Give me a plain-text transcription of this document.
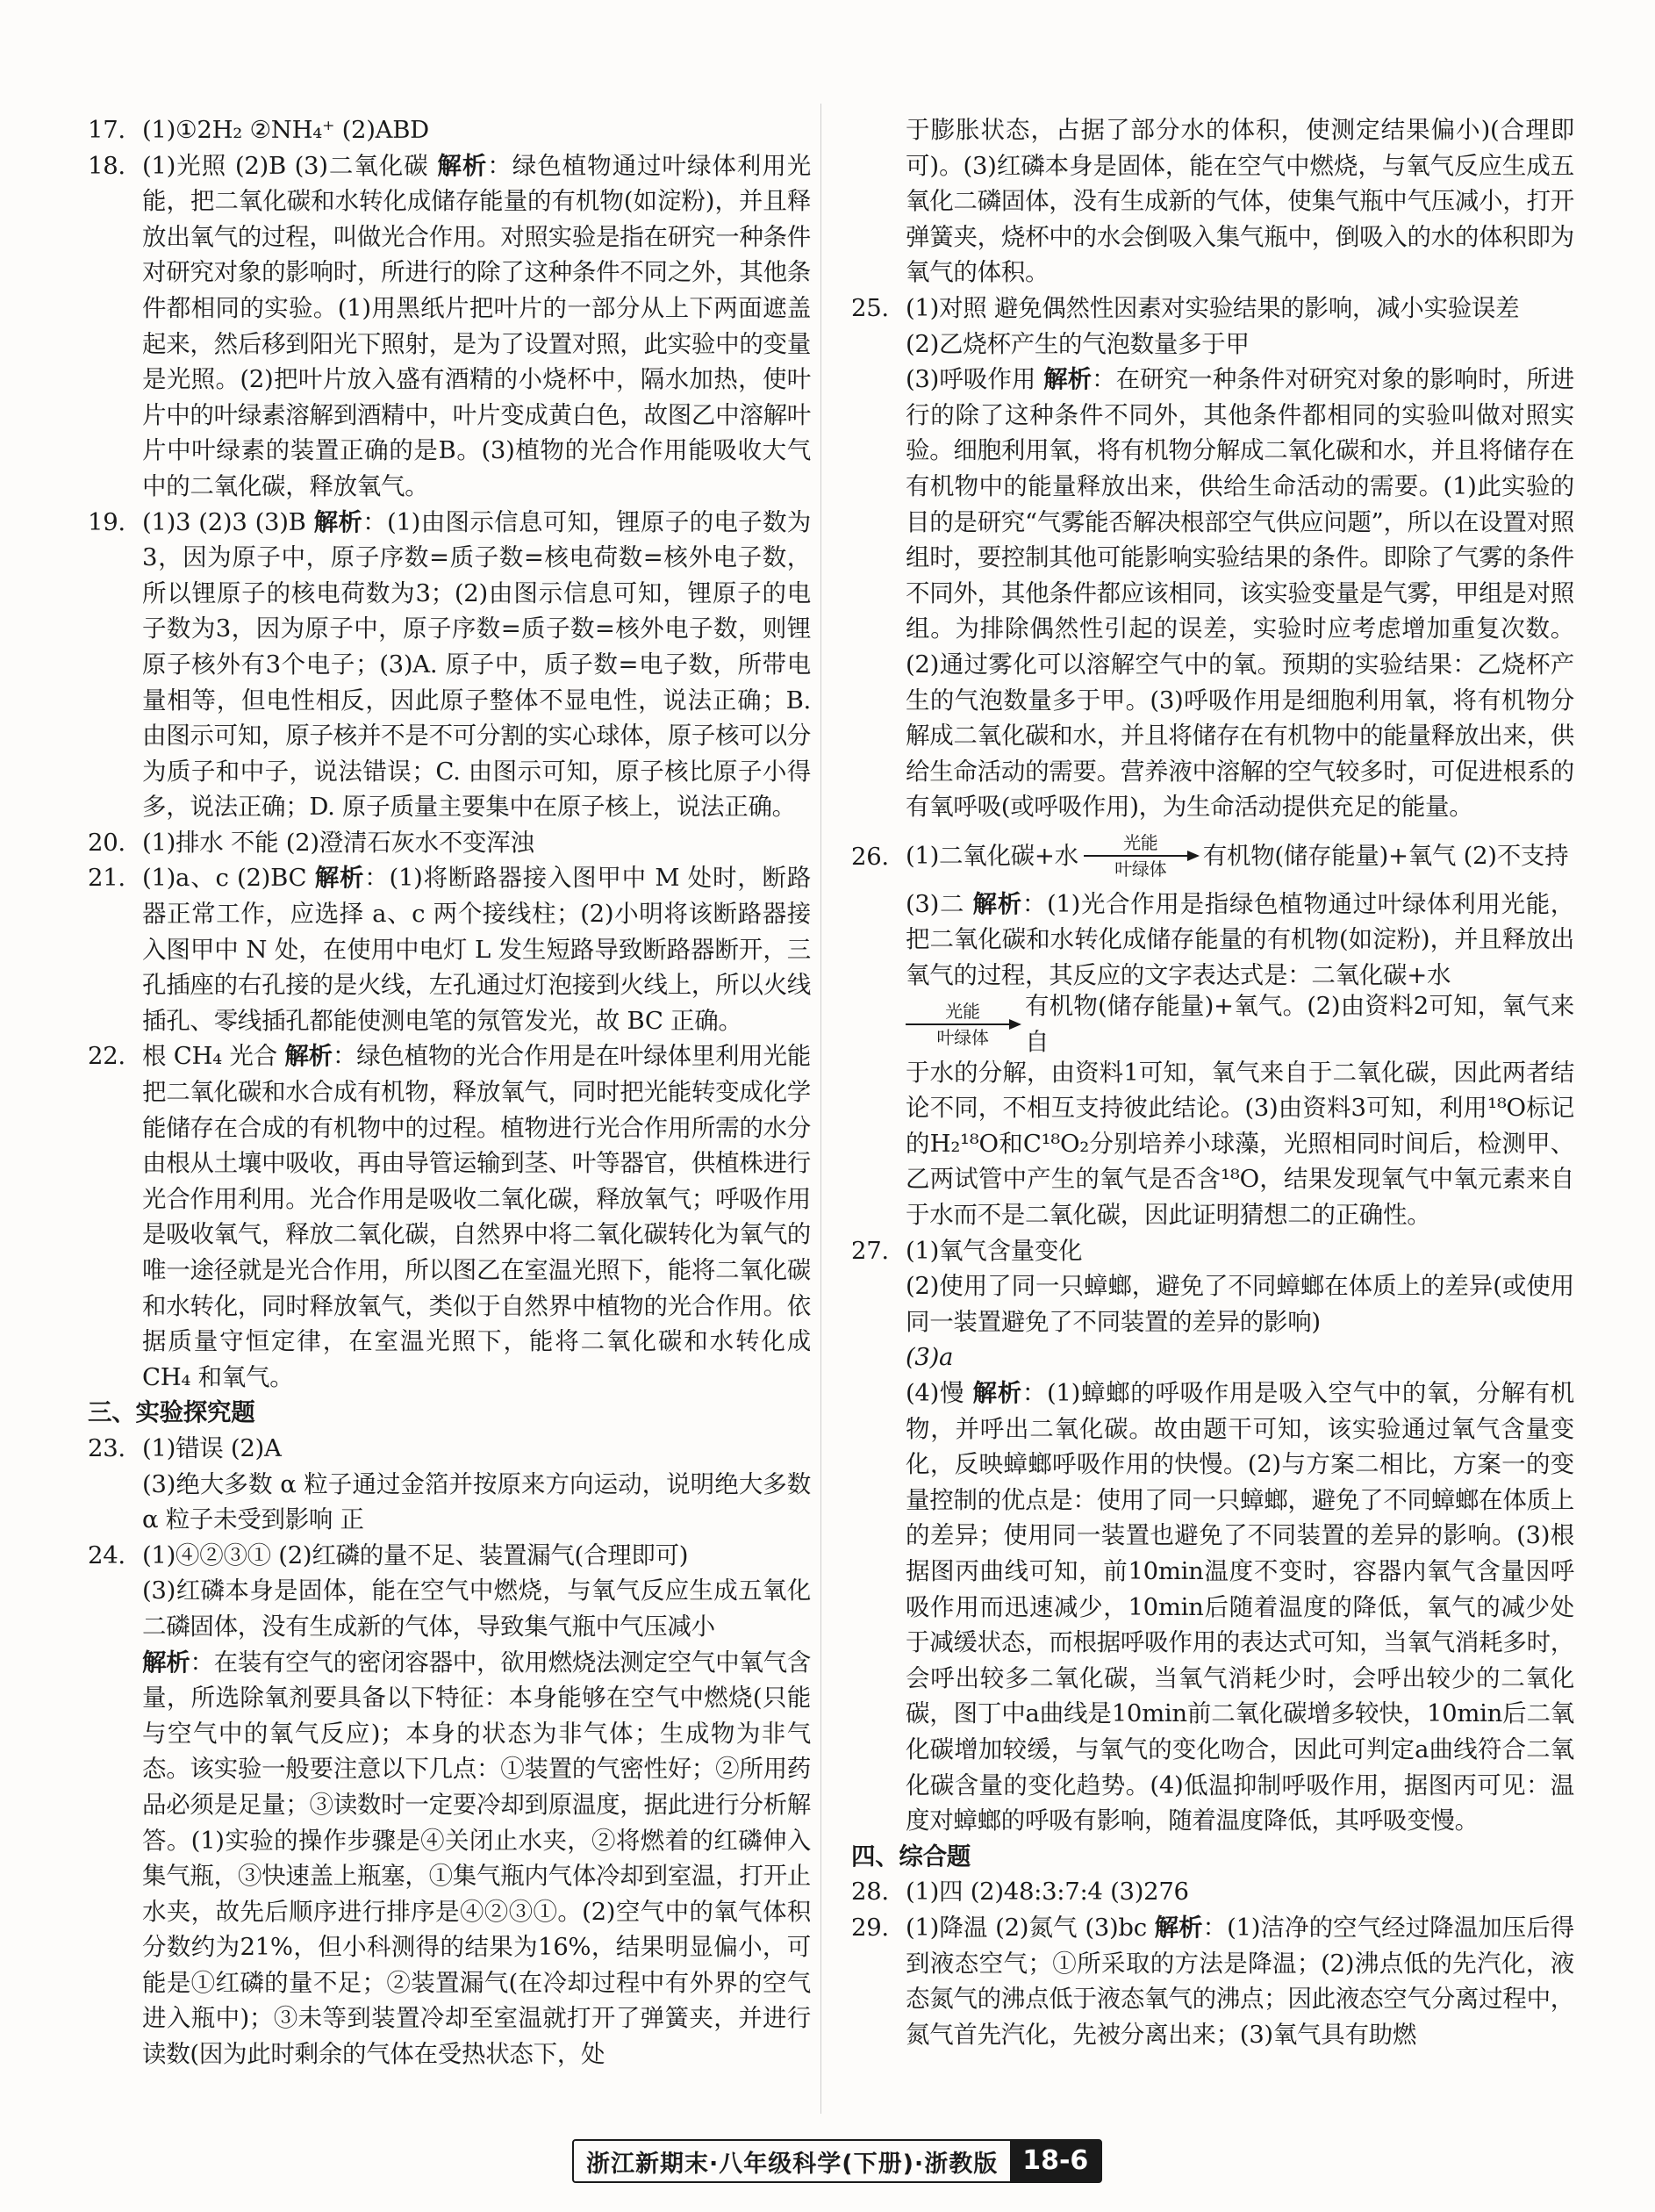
17. (1)①2H₂ ②NH₄⁺ (2)ABD

18. (1)光照 (2)B (3)二氧化碳 解析：绿色植物通过叶绿体利用光能，把二氧化碳和水转化成储存能量的有机物(如淀粉)，并且释放出氧气的过程，叫做光合作用。对照实验是指在研究一种条件对研究对象的影响时，所进行的除了这种条件不同之外，其他条件都相同的实验。(1)用黑纸片把叶片的一部分从上下两面遮盖起来，然后移到阳光下照射，是为了设置对照，此实验中的变量是光照。(2)把叶片放入盛有酒精的小烧杯中，隔水加热，使叶片中的叶绿素溶解到酒精中，叶片变成黄白色，故图乙中溶解叶片中叶绿素的装置正确的是B。(3)植物的光合作用能吸收大气中的二氧化碳，释放氧气。

19. (1)3 (2)3 (3)B 解析：(1)由图示信息可知，锂原子的电子数为3，因为原子中，原子序数=质子数=核电荷数=核外电子数，所以锂原子的核电荷数为3；(2)由图示信息可知，锂原子的电子数为3，因为原子中，原子序数=质子数=核外电子数，则锂原子核外有3个电子；(3)A. 原子中，质子数=电子数，所带电量相等，但电性相反，因此原子整体不显电性，说法正确；B. 由图示可知，原子核并不是不可分割的实心球体，原子核可以分为质子和中子，说法错误；C. 由图示可知，原子核比原子小得多，说法正确；D. 原子质量主要集中在原子核上，说法正确。

20. (1)排水 不能 (2)澄清石灰水不变浑浊

21. (1)a、c (2)BC 解析：(1)将断路器接入图甲中 M 处时，断路器正常工作，应选择 a、c 两个接线柱；(2)小明将该断路器接入图甲中 N 处，在使用中电灯 L 发生短路导致断路器断开，三孔插座的右孔接的是火线，左孔通过灯泡接到火线上，所以火线插孔、零线插孔都能使测电笔的氖管发光，故 BC 正确。

22. 根 CH₄ 光合 解析：绿色植物的光合作用是在叶绿体里利用光能把二氧化碳和水合成有机物，释放氧气，同时把光能转变成化学能储存在合成的有机物中的过程。植物进行光合作用所需的水分由根从土壤中吸收，再由导管运输到茎、叶等器官，供植株进行光合作用利用。光合作用是吸收二氧化碳，释放氧气；呼吸作用是吸收氧气，释放二氧化碳，自然界中将二氧化碳转化为氧气的唯一途径就是光合作用，所以图乙在室温光照下，能将二氧化碳和水转化，同时释放氧气，类似于自然界中植物的光合作用。依据质量守恒定律，在室温光照下，能将二氧化碳和水转化成 CH₄ 和氧气。

三、实验探究题

23. (1)错误 (2)A

(3)绝大多数 α 粒子通过金箔并按原来方向运动，说明绝大多数 α 粒子未受到影响 正

24. (1)④②③① (2)红磷的量不足、装置漏气(合理即可)

(3)红磷本身是固体，能在空气中燃烧，与氧气反应生成五氧化二磷固体，没有生成新的气体，导致集气瓶中气压减小

解析：在装有空气的密闭容器中，欲用燃烧法测定空气中氧气含量，所选除氧剂要具备以下特征：本身能够在空气中燃烧(只能与空气中的氧气反应)；本身的状态为非气体；生成物为非气态。该实验一般要注意以下几点：①装置的气密性好；②所用药品必须是足量；③读数时一定要冷却到原温度，据此进行分析解答。(1)实验的操作步骤是④关闭止水夹，②将燃着的红磷伸入集气瓶，③快速盖上瓶塞，①集气瓶内气体冷却到室温，打开止水夹，故先后顺序进行排序是④②③①。(2)空气中的氧气体积分数约为21%，但小科测得的结果为16%，结果明显偏小，可能是①红磷的量不足；②装置漏气(在冷却过程中有外界的空气进入瓶中)；③未等到装置冷却至室温就打开了弹簧夹，并进行读数(因为此时剩余的气体在受热状态下，处

于膨胀状态，占据了部分水的体积，使测定结果偏小)(合理即可)。(3)红磷本身是固体，能在空气中燃烧，与氧气反应生成五氧化二磷固体，没有生成新的气体，使集气瓶中气压减小，打开弹簧夹，烧杯中的水会倒吸入集气瓶中，倒吸入的水的体积即为氧气的体积。

25. (1)对照 避免偶然性因素对实验结果的影响，减小实验误差

(2)乙烧杯产生的气泡数量多于甲

(3)呼吸作用 解析：在研究一种条件对研究对象的影响时，所进行的除了这种条件不同外，其他条件都相同的实验叫做对照实验。细胞利用氧，将有机物分解成二氧化碳和水，并且将储存在有机物中的能量释放出来，供给生命活动的需要。(1)此实验的目的是研究“气雾能否解决根部空气供应问题”，所以在设置对照组时，要控制其他可能影响实验结果的条件。即除了气雾的条件不同外，其他条件都应该相同，该实验变量是气雾，甲组是对照组。为排除偶然性引起的误差，实验时应考虑增加重复次数。(2)通过雾化可以溶解空气中的氧。预期的实验结果：乙烧杯产生的气泡数量多于甲。(3)呼吸作用是细胞利用氧，将有机物分解成二氧化碳和水，并且将储存在有机物中的能量释放出来，供给生命活动的需要。营养液中溶解的空气较多时，可促进根系的有氧呼吸(或呼吸作用)，为生命活动提供充足的能量。

26. (1)二氧化碳+水	光能
叶绿体 有机物(储存能量)+氧气 (2)不支持

(3)二 解析：(1)光合作用是指绿色植物通过叶绿体利用光能，把二氧化碳和水转化成储存能量的有机物(如淀粉)，并且释放出氧气的过程，其反应的文字表达式是：二氧化碳+水

光能
叶绿体
有机物(储存能量)+氧气。(2)由资料2可知，氧气来自

于水的分解，由资料1可知，氧气来自于二氧化碳，因此两者结论不同，不相互支持彼此结论。(3)由资料3可知，利用¹⁸O标记的H₂¹⁸O和C¹⁸O₂分别培养小球藻，光照相同时间后，检测甲、乙两试管中产生的氧气是否含¹⁸O，结果发现氧气中氧元素来自于水而不是二氧化碳，因此证明猜想二的正确性。

27. (1)氧气含量变化

(2)使用了同一只蟑螂，避免了不同蟑螂在体质上的差异(或使用同一装置避免了不同装置的差异的影响)

(3)a

(4)慢 解析：(1)蟑螂的呼吸作用是吸入空气中的氧，分解有机物，并呼出二氧化碳。故由题干可知，该实验通过氧气含量变化，反映蟑螂呼吸作用的快慢。(2)与方案二相比，方案一的变量控制的优点是：使用了同一只蟑螂，避免了不同蟑螂在体质上的差异；使用同一装置也避免了不同装置的差异的影响。(3)根据图丙曲线可知，前10min温度不变时，容器内氧气含量因呼吸作用而迅速减少，10min后随着温度的降低，氧气的减少处于减缓状态，而根据呼吸作用的表达式可知，当氧气消耗多时，会呼出较多二氧化碳，当氧气消耗少时，会呼出较少的二氧化碳，图丁中a曲线是10min前二氧化碳增多较快，10min后二氧化碳增加较缓，与氧气的变化吻合，因此可判定a曲线符合二氧化碳含量的变化趋势。(4)低温抑制呼吸作用，据图丙可见：温度对蟑螂的呼吸有影响，随着温度降低，其呼吸变慢。

四、综合题

28. (1)四 (2)48:3:7:4 (3)276

29. (1)降温 (2)氮气 (3)bc 解析：(1)洁净的空气经过降温加压后得到液态空气；①所采取的方法是降温；(2)沸点低的先汽化，液态氮气的沸点低于液态氧气的沸点；因此液态空气分离过程中，氮气首先汽化，先被分离出来；(3)氧气具有助燃

浙江新期末·八年级科学(下册)·浙教版 18-6
